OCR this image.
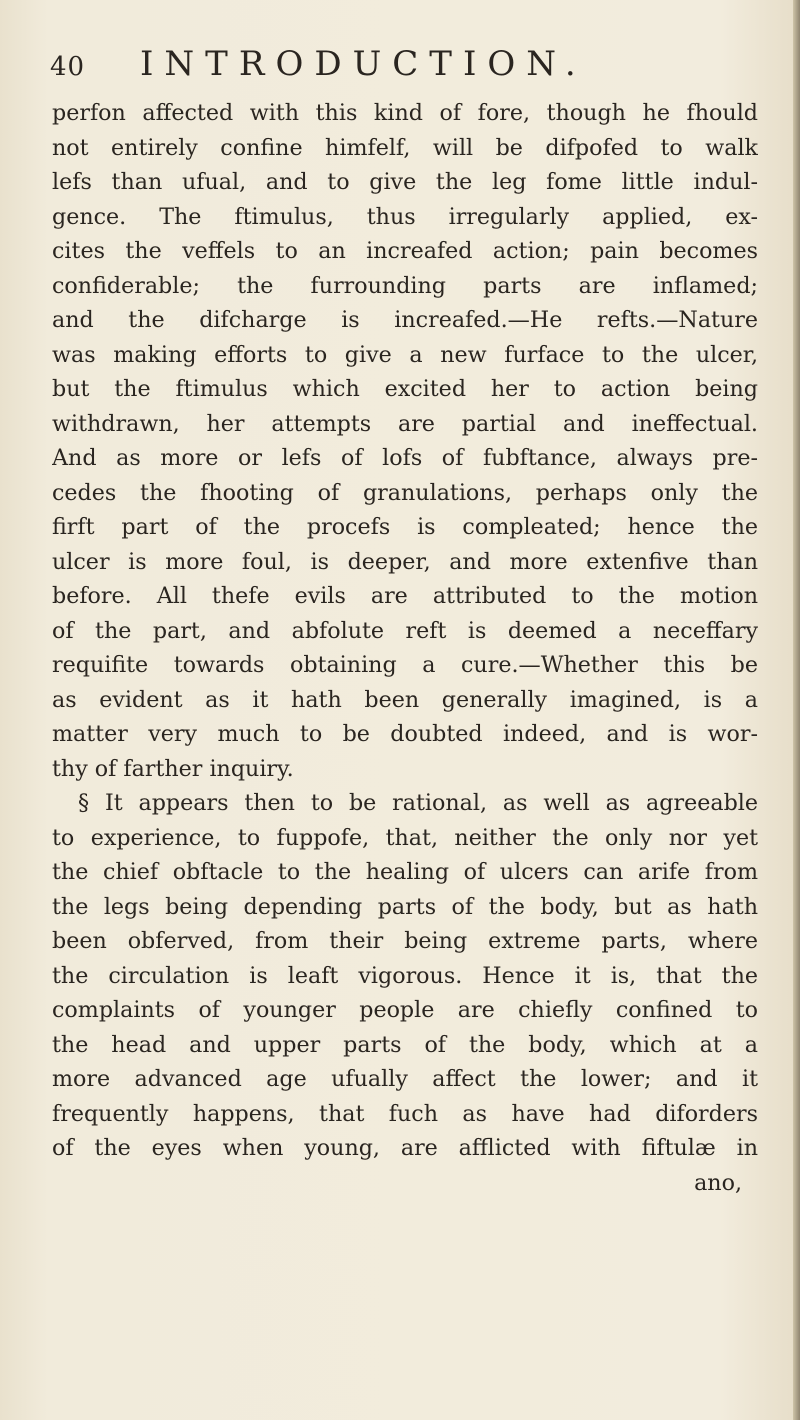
40 INTRODUCTION.
perfon affected with this kind of fore, though he fhould
not entirely confine himfelf, will be difpofed to walk
lefs than ufual, and to give the leg fome little indul-
gence. The ftimulus, thus irregularly applied, ex-
cites the veffels to an increafed action; pain becomes
confiderable; the furrounding parts are inflamed;
and the difcharge is increafed.—He refts.—Nature
was making efforts to give a new furface to the ulcer,
but the ftimulus which excited her to action being
withdrawn, her attempts are partial and ineffectual.
And as more or lefs of lofs of fubftance, always pre-
cedes the fhooting of granulations, perhaps only the
firft part of the procefs is compleated; hence the
ulcer is more foul, is deeper, and more extenfive than
before. All thefe evils are attributed to the motion
of the part, and abfolute reft is deemed a neceffary
requifite towards obtaining a cure.—Whether this be
as evident as it hath been generally imagined, is a
matter very much to be doubted indeed, and is wor-
thy of farther inquiry.
§ It appears then to be rational, as well as agreeable
to experience, to fuppofe, that, neither the only nor yet
the chief obftacle to the healing of ulcers can arife from
the legs being depending parts of the body, but as hath
been obferved, from their being extreme parts, where
the circulation is leaft vigorous. Hence it is, that the
complaints of younger people are chiefly confined to
the head and upper parts of the body, which at a
more advanced age ufually affect the lower; and it
frequently happens, that fuch as have had diforders
of the eyes when young, are afflicted with fiftulæ in
ano,
